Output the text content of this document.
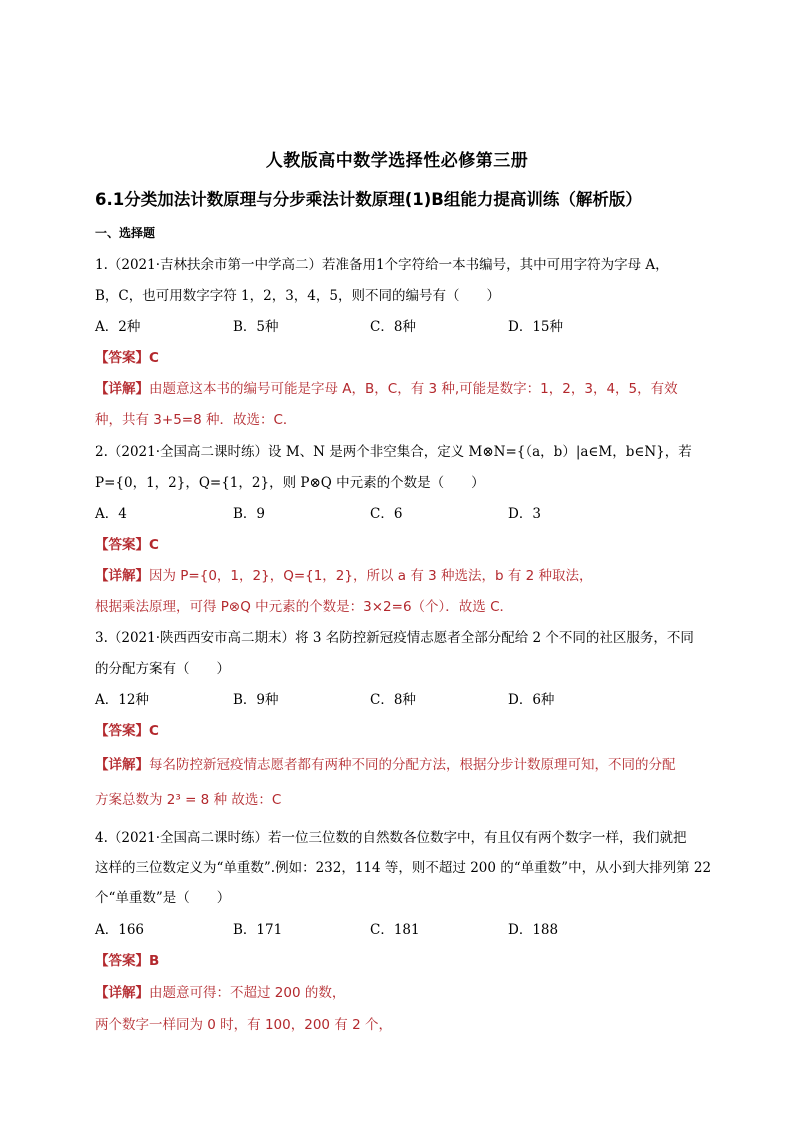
人教版高中数学选择性必修第三册
6.1分类加法计数原理与分步乘法计数原理(1)B组能力提高训练（解析版）
一、选择题
1.（2021·吉林扶余市第一中学高二）若准备用1个字符给一本书编号，其中可用字符为字母 A，
B，C，也可用数字字符 1，2，3，4，5，则不同的编号有（　　）
A．2种	B．5种	C．8种	D．15种
【答案】C
【详解】由题意这本书的编号可能是字母 A，B，C，有 3 种,可能是数字：1，2，3，4，5，有效
种，共有 3+5=8 种．故选：C．
2.（2021·全国高二课时练）设 M、N 是两个非空集合，定义 M⊗N={（a，b）|a∈M，b∈N}，若
P={0，1，2}，Q={1，2}，则 P⊗Q 中元素的个数是（　　）
A．4	B．9	C．6	D．3
【答案】C
【详解】因为 P={0，1，2}，Q={1，2}，所以 a 有 3 种选法，b 有 2 种取法，
根据乘法原理，可得 P⊗Q 中元素的个数是：3×2=6（个）．故选 C．
3.（2021·陕西西安市高二期末）将 3 名防控新冠疫情志愿者全部分配给 2 个不同的社区服务，不同
的分配方案有（　　）
A．12种	B．9种	C．8种	D．6种
【答案】C
【详解】每名防控新冠疫情志愿者都有两种不同的分配方法，根据分步计数原理可知，不同的分配
方案总数为 2³ = 8 种 故选：C
4.（2021·全国高二课时练）若一位三位数的自然数各位数字中，有且仅有两个数字一样，我们就把
这样的三位数定义为“单重数”.例如：232，114 等，则不超过 200 的“单重数”中，从小到大排列第 22
个“单重数”是（　　）
A．166	B．171	C．181	D．188
【答案】B
【详解】由题意可得：不超过 200 的数，
两个数字一样同为 0 时，有 100，200 有 2 个，
